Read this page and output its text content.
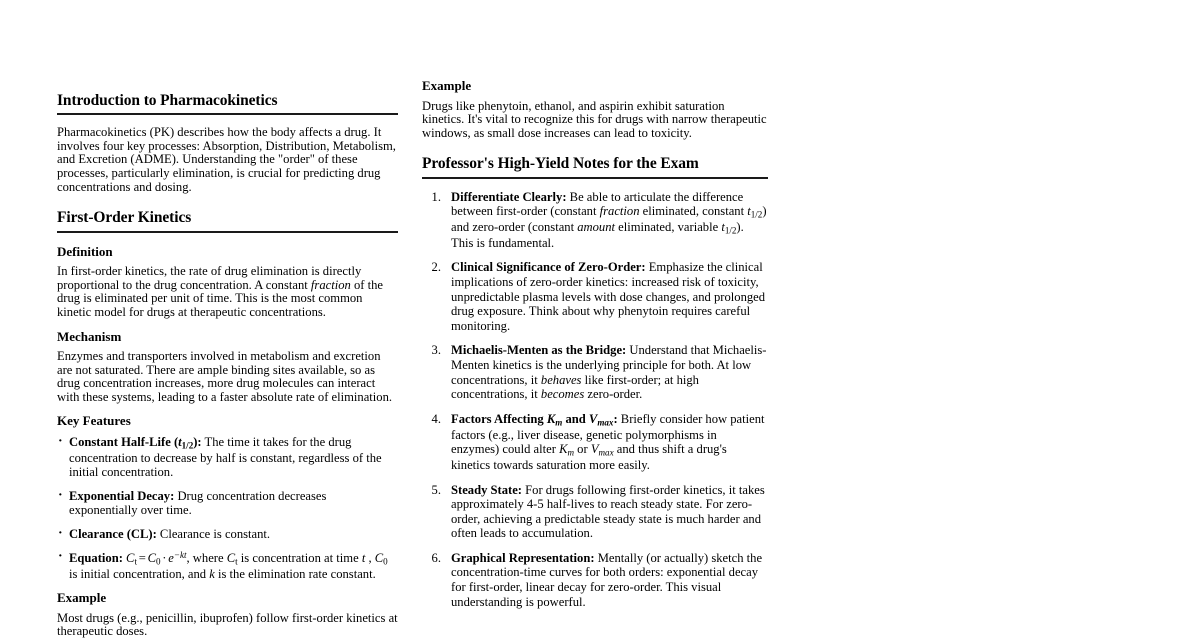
Introduction to Pharmacokinetics

Pharmacokinetics (PK) describes how the body affects a drug. It involves four key processes: Absorption, Distribution, Metabolism, and Excretion (ADME). Understanding the "order" of these processes, particularly elimination, is crucial for predicting drug concentrations and dosing.

First-Order Kinetics
Definition

In first-order kinetics, the rate of drug elimination is directly proportional to the drug concentration. A constant fraction of the drug is eliminated per unit of time. This is the most common kinetic model for drugs at therapeutic concentrations.

Mechanism

Enzymes and transporters involved in metabolism and excretion are not saturated. There are ample binding sites available, so as drug concentration increases, more drug molecules can interact with these systems, leading to a faster absolute rate of elimination.

Key Features
· Constant Half-Life $(t_{1/2})$: The time it takes for the drug concentration to decrease by half is constant, regardless of the initial concentration.
· Exponential Decay: Drug concentration decreases exponentially over time.
· Clearance (CL): Clearance is constant.
· Equation: $C_t = C_0 \cdot e^{-kt}$, where $C_t$ is concentration at time t , $C_0$ is initial concentration, and k is the elimination rate constant.
Example

Most drugs (e.g., penicillin, ibuprofen) follow first-order kinetics at therapeutic doses.

Example

Drugs like phenytoin, ethanol, and aspirin exhibit saturation kinetics. It's vital to recognize this for drugs with narrow therapeutic windows, as small dose increases can lead to toxicity.

Professor's High-Yield Notes for the Exam
Differentiate Clearly: Be able to articulate the difference between first-order (constant fraction eliminated, constant $t_{1/2}$) and zero-order (constant amount eliminated, variable $t_{1/2}$). This is fundamental.
Clinical Significance of Zero-Order: Emphasize the clinical implications of zero-order kinetics: increased risk of toxicity, unpredictable plasma levels with dose changes, and prolonged drug exposure. Think about why phenytoin requires careful monitoring.
Michaelis-Menten as the Bridge: Understand that Michaelis-Menten kinetics is the underlying principle for both. At low concentrations, it behaves like first-order; at high concentrations, it becomes zero-order.
Factors Affecting $K_m$ and $V_{max}$: Briefly consider how patient factors (e.g., liver disease, genetic polymorphisms in enzymes) could alter $K_m$ or $V_{max}$ and thus shift a drug's kinetics towards saturation more easily.
Steady State: For drugs following first-order kinetics, it takes approximately 4-5 half-lives to reach steady state. For zero-order, achieving a predictable steady state is much harder and often leads to accumulation.
Graphical Representation: Mentally (or actually) sketch the concentration-time curves for both orders: exponential decay for first-order, linear decay for zero-order. This visual understanding is powerful.
